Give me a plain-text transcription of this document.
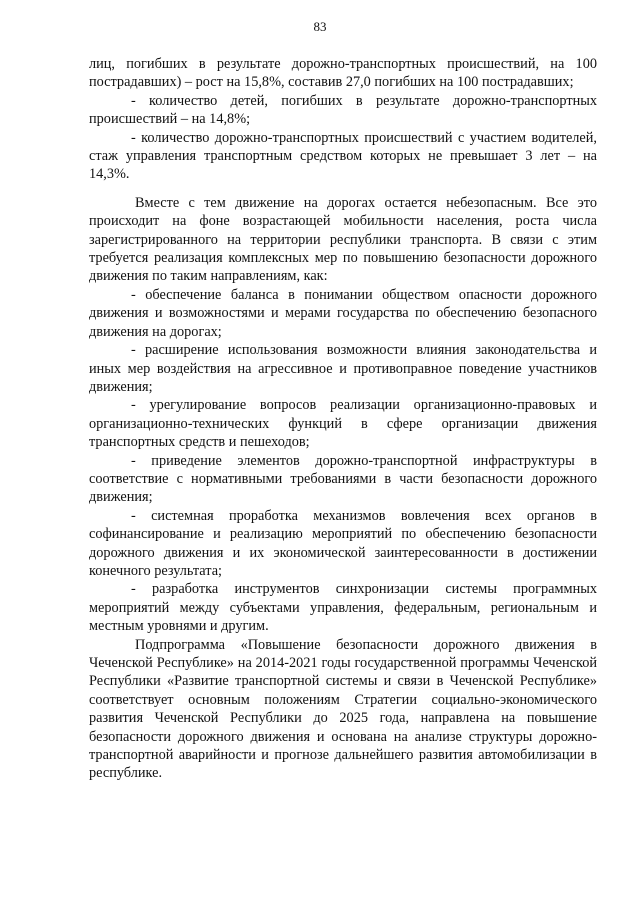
83

лиц, погибших в результате дорожно-транспортных происшествий, на 100 пострадавших) – рост на 15,8%, составив 27,0 погибших на 100 пострадавших;

- количество детей, погибших в результате дорожно-транспортных происшествий – на 14,8%;

- количество дорожно-транспортных происшествий с участием водителей, стаж управления транспортным средством которых не превышает 3 лет – на 14,3%.

Вместе с тем движение на дорогах остается небезопасным. Все это происходит на фоне возрастающей мобильности населения, роста числа зарегистрированного на территории республики транспорта. В связи с этим требуется реализация комплексных мер по повышению безопасности дорожного движения по таким направлениям, как:

- обеспечение баланса в понимании обществом опасности дорожного движения и возможностями и мерами государства по обеспечению безопасного движения на дорогах;

- расширение использования возможности влияния законодательства и иных мер воздействия на агрессивное и противоправное поведение участников движения;

- урегулирование вопросов реализации организационно-правовых и организационно-технических функций в сфере организации движения транспортных средств и пешеходов;

- приведение элементов дорожно-транспортной инфраструктуры в соответствие с нормативными требованиями в части безопасности дорожного движения;

- системная проработка механизмов вовлечения всех органов в софинансирование и реализацию мероприятий по обеспечению безопасности дорожного движения и их экономической заинтересованности в достижении конечного результата;

- разработка инструментов синхронизации системы программных мероприятий между субъектами управления, федеральным, региональным и местным уровнями и другим.

Подпрограмма «Повышение безопасности дорожного движения в Чеченской Республике» на 2014-2021 годы государственной программы Чеченской Республики «Развитие транспортной системы и связи в Чеченской Республике» соответствует основным положениям Стратегии социально-экономического развития Чеченской Республики до 2025 года, направлена на повышение безопасности дорожного движения и основана на анализе структуры дорожно-транспортной аварийности и прогнозе дальнейшего развития автомобилизации в республике.
